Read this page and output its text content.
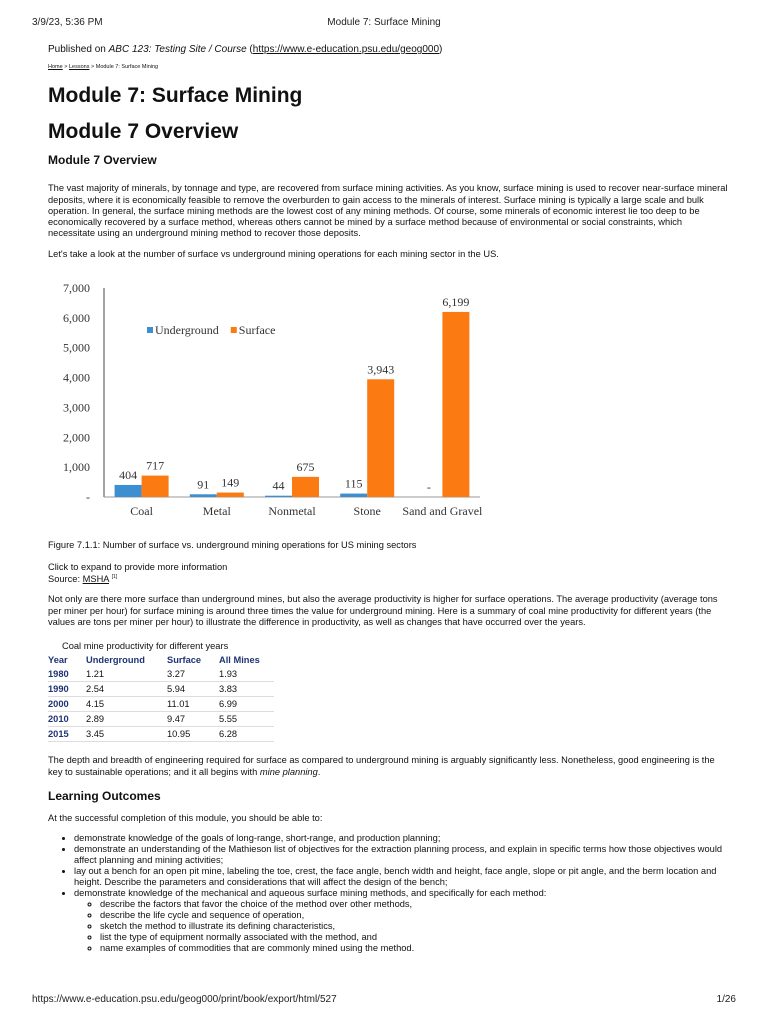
3/9/23, 5:36 PM	Module 7: Surface Mining

Published on ABC 123: Testing Site / Course (https://www.e-education.psu.edu/geog000)

Home > Lessons > Module 7: Surface Mining
Module 7: Surface Mining
Module 7 Overview
Module 7 Overview

The vast majority of minerals, by tonnage and type, are recovered from surface mining activities. As you know, surface mining is used to recover near-surface mineral deposits, where it is economically feasible to remove the overburden to gain access to the minerals of interest. Surface mining is typically a large scale and bulk operation. In general, the surface mining methods are the lowest cost of any mining methods. Of course, some minerals of economic interest lie too deep to be economically recovered by a surface method, whereas others cannot be mined by a surface method because of environmental or social constraints, which necessitate using an underground mining method to recover those deposits.

Let's take a look at the number of surface vs underground mining operations for each mining sector in the US.

-
1,000
2,000
3,000
4,000
5,000
6,000
7,000
404
717
Coal
91 149
Metal
44
675
Nonmetal
115
3,943
Stone
-
6,199
Sand and Gravel
Underground Surface

Figure 7.1.1: Number of surface vs. underground mining operations for US mining sectors

Click to expand to provide more information
Source: MSHA [1]

Not only are there more surface than underground mines, but also the average productivity is higher for surface operations. The average productivity (average tons per miner per hour) for surface mining is around three times the value for underground mining. Here is a summary of coal mine productivity for different years (the values are tons per miner per hour) to illustrate the difference in productivity, as well as changes that have occurred over the years.

Coal mine productivity for different years
Year	Underground	Surface	All Mines
1980	1.21	3.27	1.93
1990	2.54	5.94	3.83
2000	4.15	11.01	6.99
2010	2.89	9.47	5.55
2015	3.45	10.95	6.28

The depth and breadth of engineering required for surface as compared to underground mining is arguably significantly less. Nonetheless, good engineering is the key to sustainable operations; and it all begins with mine planning.

Learning Outcomes

At the successful completion of this module, you should be able to:

• demonstrate knowledge of the goals of long-range, short-range, and production planning;
• demonstrate an understanding of the Mathieson list of objectives for the extraction planning process, and explain in specific terms how those objectives would affect planning and mining activities;
• lay out a bench for an open pit mine, labeling the toe, crest, the face angle, bench width and height, face angle, slope or pit angle, and the berm location and height. Describe the parameters and considerations that will affect the design of the bench;
• demonstrate knowledge of the mechanical and aqueous surface mining methods, and specifically for each method:
◦ describe the factors that favor the choice of the method over other methods,
◦ describe the life cycle and sequence of operation,
◦ sketch the method to illustrate its defining characteristics,
◦ list the type of equipment normally associated with the method, and
◦ name examples of commodities that are commonly mined using the method.
https://www.e-education.psu.edu/geog000/print/book/export/html/527	1/26
